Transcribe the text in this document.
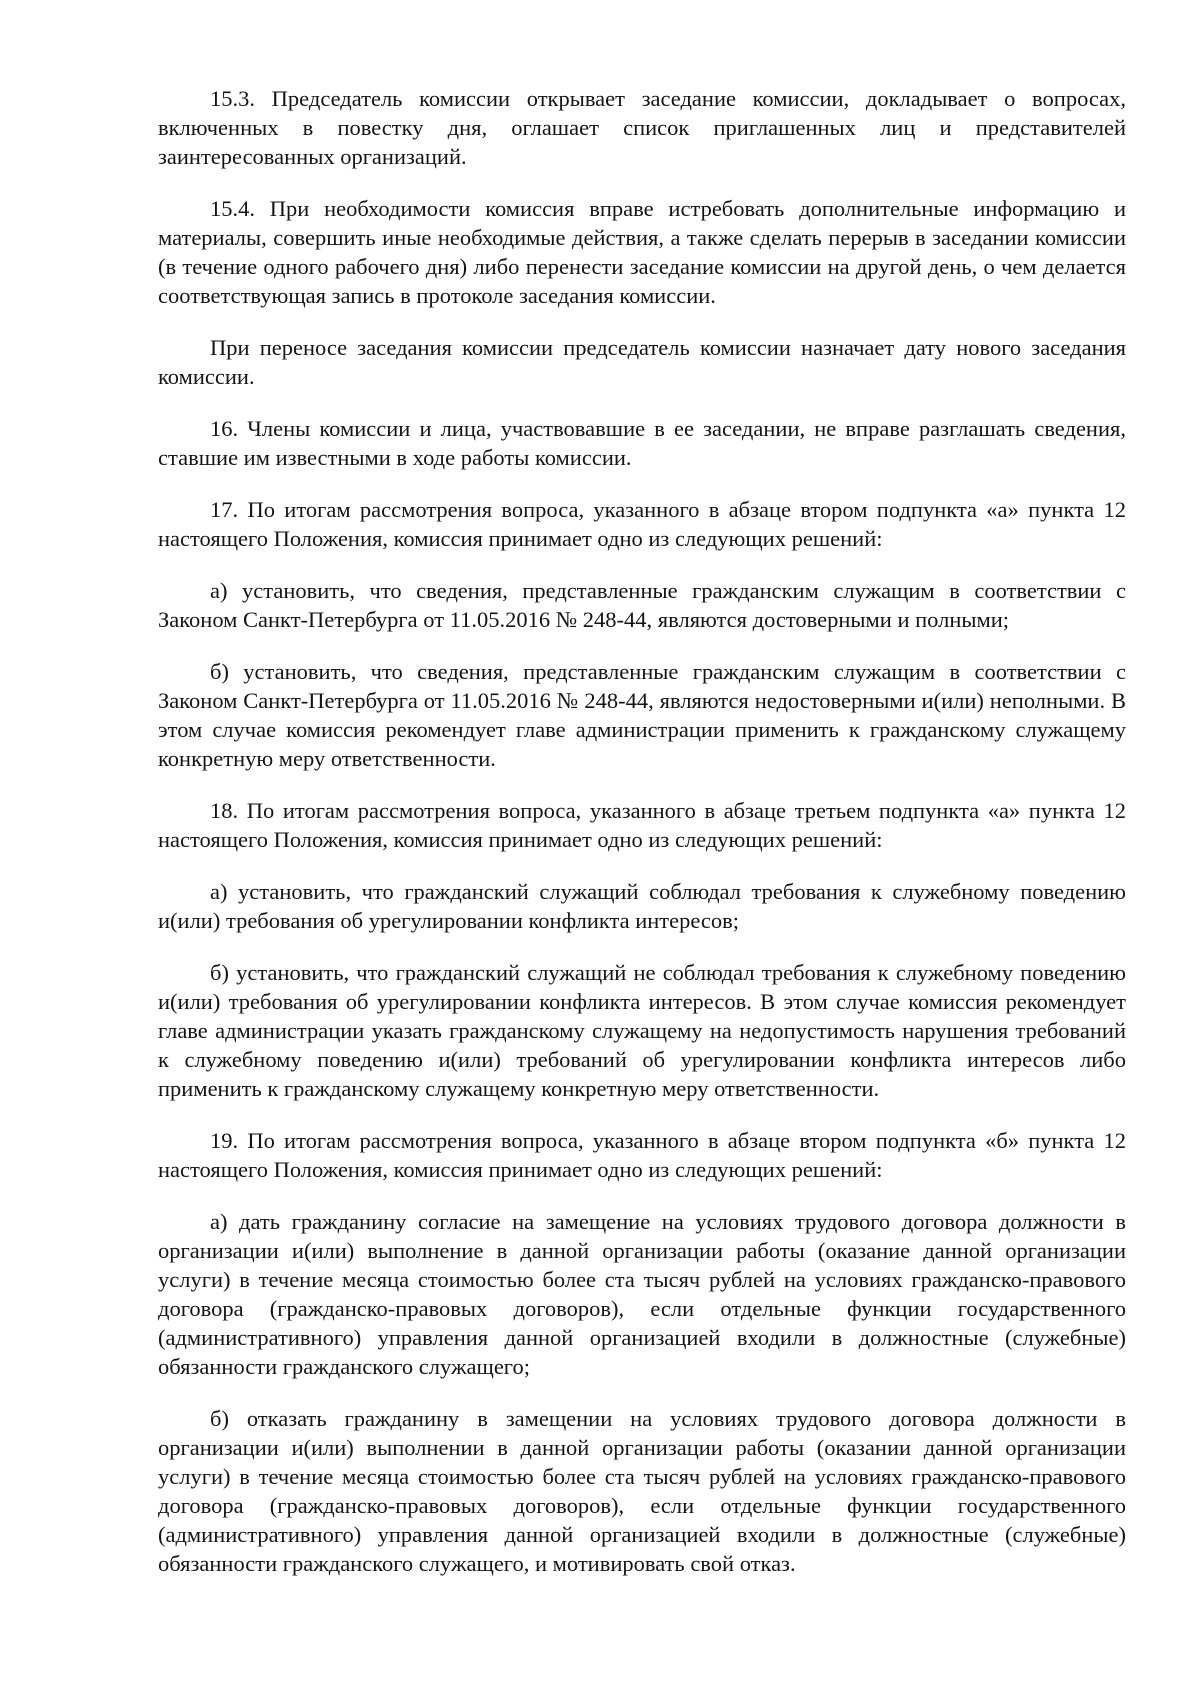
15.3. Председатель комиссии открывает заседание комиссии, докладывает о вопросах, включенных в повестку дня, оглашает список приглашенных лиц и представителей заинтересованных организаций.

15.4. При необходимости комиссия вправе истребовать дополнительные информацию и материалы, совершить иные необходимые действия, а также сделать перерыв в заседании комиссии (в течение одного рабочего дня) либо перенести заседание комиссии на другой день, о чем делается соответствующая запись в протоколе заседания комиссии.

При переносе заседания комиссии председатель комиссии назначает дату нового заседания комиссии.

16. Члены комиссии и лица, участвовавшие в ее заседании, не вправе разглашать сведения, ставшие им известными в ходе работы комиссии.

17. По итогам рассмотрения вопроса, указанного в абзаце втором подпункта «а» пункта 12 настоящего Положения, комиссия принимает одно из следующих решений:

а) установить, что сведения, представленные гражданским служащим в соответствии с Законом Санкт-Петербурга от 11.05.2016 № 248-44, являются достоверными и полными;

б) установить, что сведения, представленные гражданским служащим в соответствии с Законом Санкт-Петербурга от 11.05.2016 № 248-44, являются недостоверными и(или) неполными. В этом случае комиссия рекомендует главе администрации применить к гражданскому служащему конкретную меру ответственности.

18. По итогам рассмотрения вопроса, указанного в абзаце третьем подпункта «а» пункта 12 настоящего Положения, комиссия принимает одно из следующих решений:

а) установить, что гражданский служащий соблюдал требования к служебному поведению и(или) требования об урегулировании конфликта интересов;

б) установить, что гражданский служащий не соблюдал требования к служебному поведению и(или) требования об урегулировании конфликта интересов. В этом случае комиссия рекомендует главе администрации указать гражданскому служащему на недопустимость нарушения требований к служебному поведению и(или) требований об урегулировании конфликта интересов либо применить к гражданскому служащему конкретную меру ответственности.

19. По итогам рассмотрения вопроса, указанного в абзаце втором подпункта «б» пункта 12 настоящего Положения, комиссия принимает одно из следующих решений:

а) дать гражданину согласие на замещение на условиях трудового договора должности в организации и(или) выполнение в данной организации работы (оказание данной организации услуги) в течение месяца стоимостью более ста тысяч рублей на условиях гражданско-правового договора (гражданско-правовых договоров), если отдельные функции государственного (административного) управления данной организацией входили в должностные (служебные) обязанности гражданского служащего;

б) отказать гражданину в замещении на условиях трудового договора должности в организации и(или) выполнении в данной организации работы (оказании данной организации услуги) в течение месяца стоимостью более ста тысяч рублей на условиях гражданско-правового договора (гражданско-правовых договоров), если отдельные функции государственного (административного) управления данной организацией входили в должностные (служебные) обязанности гражданского служащего, и мотивировать свой отказ.
